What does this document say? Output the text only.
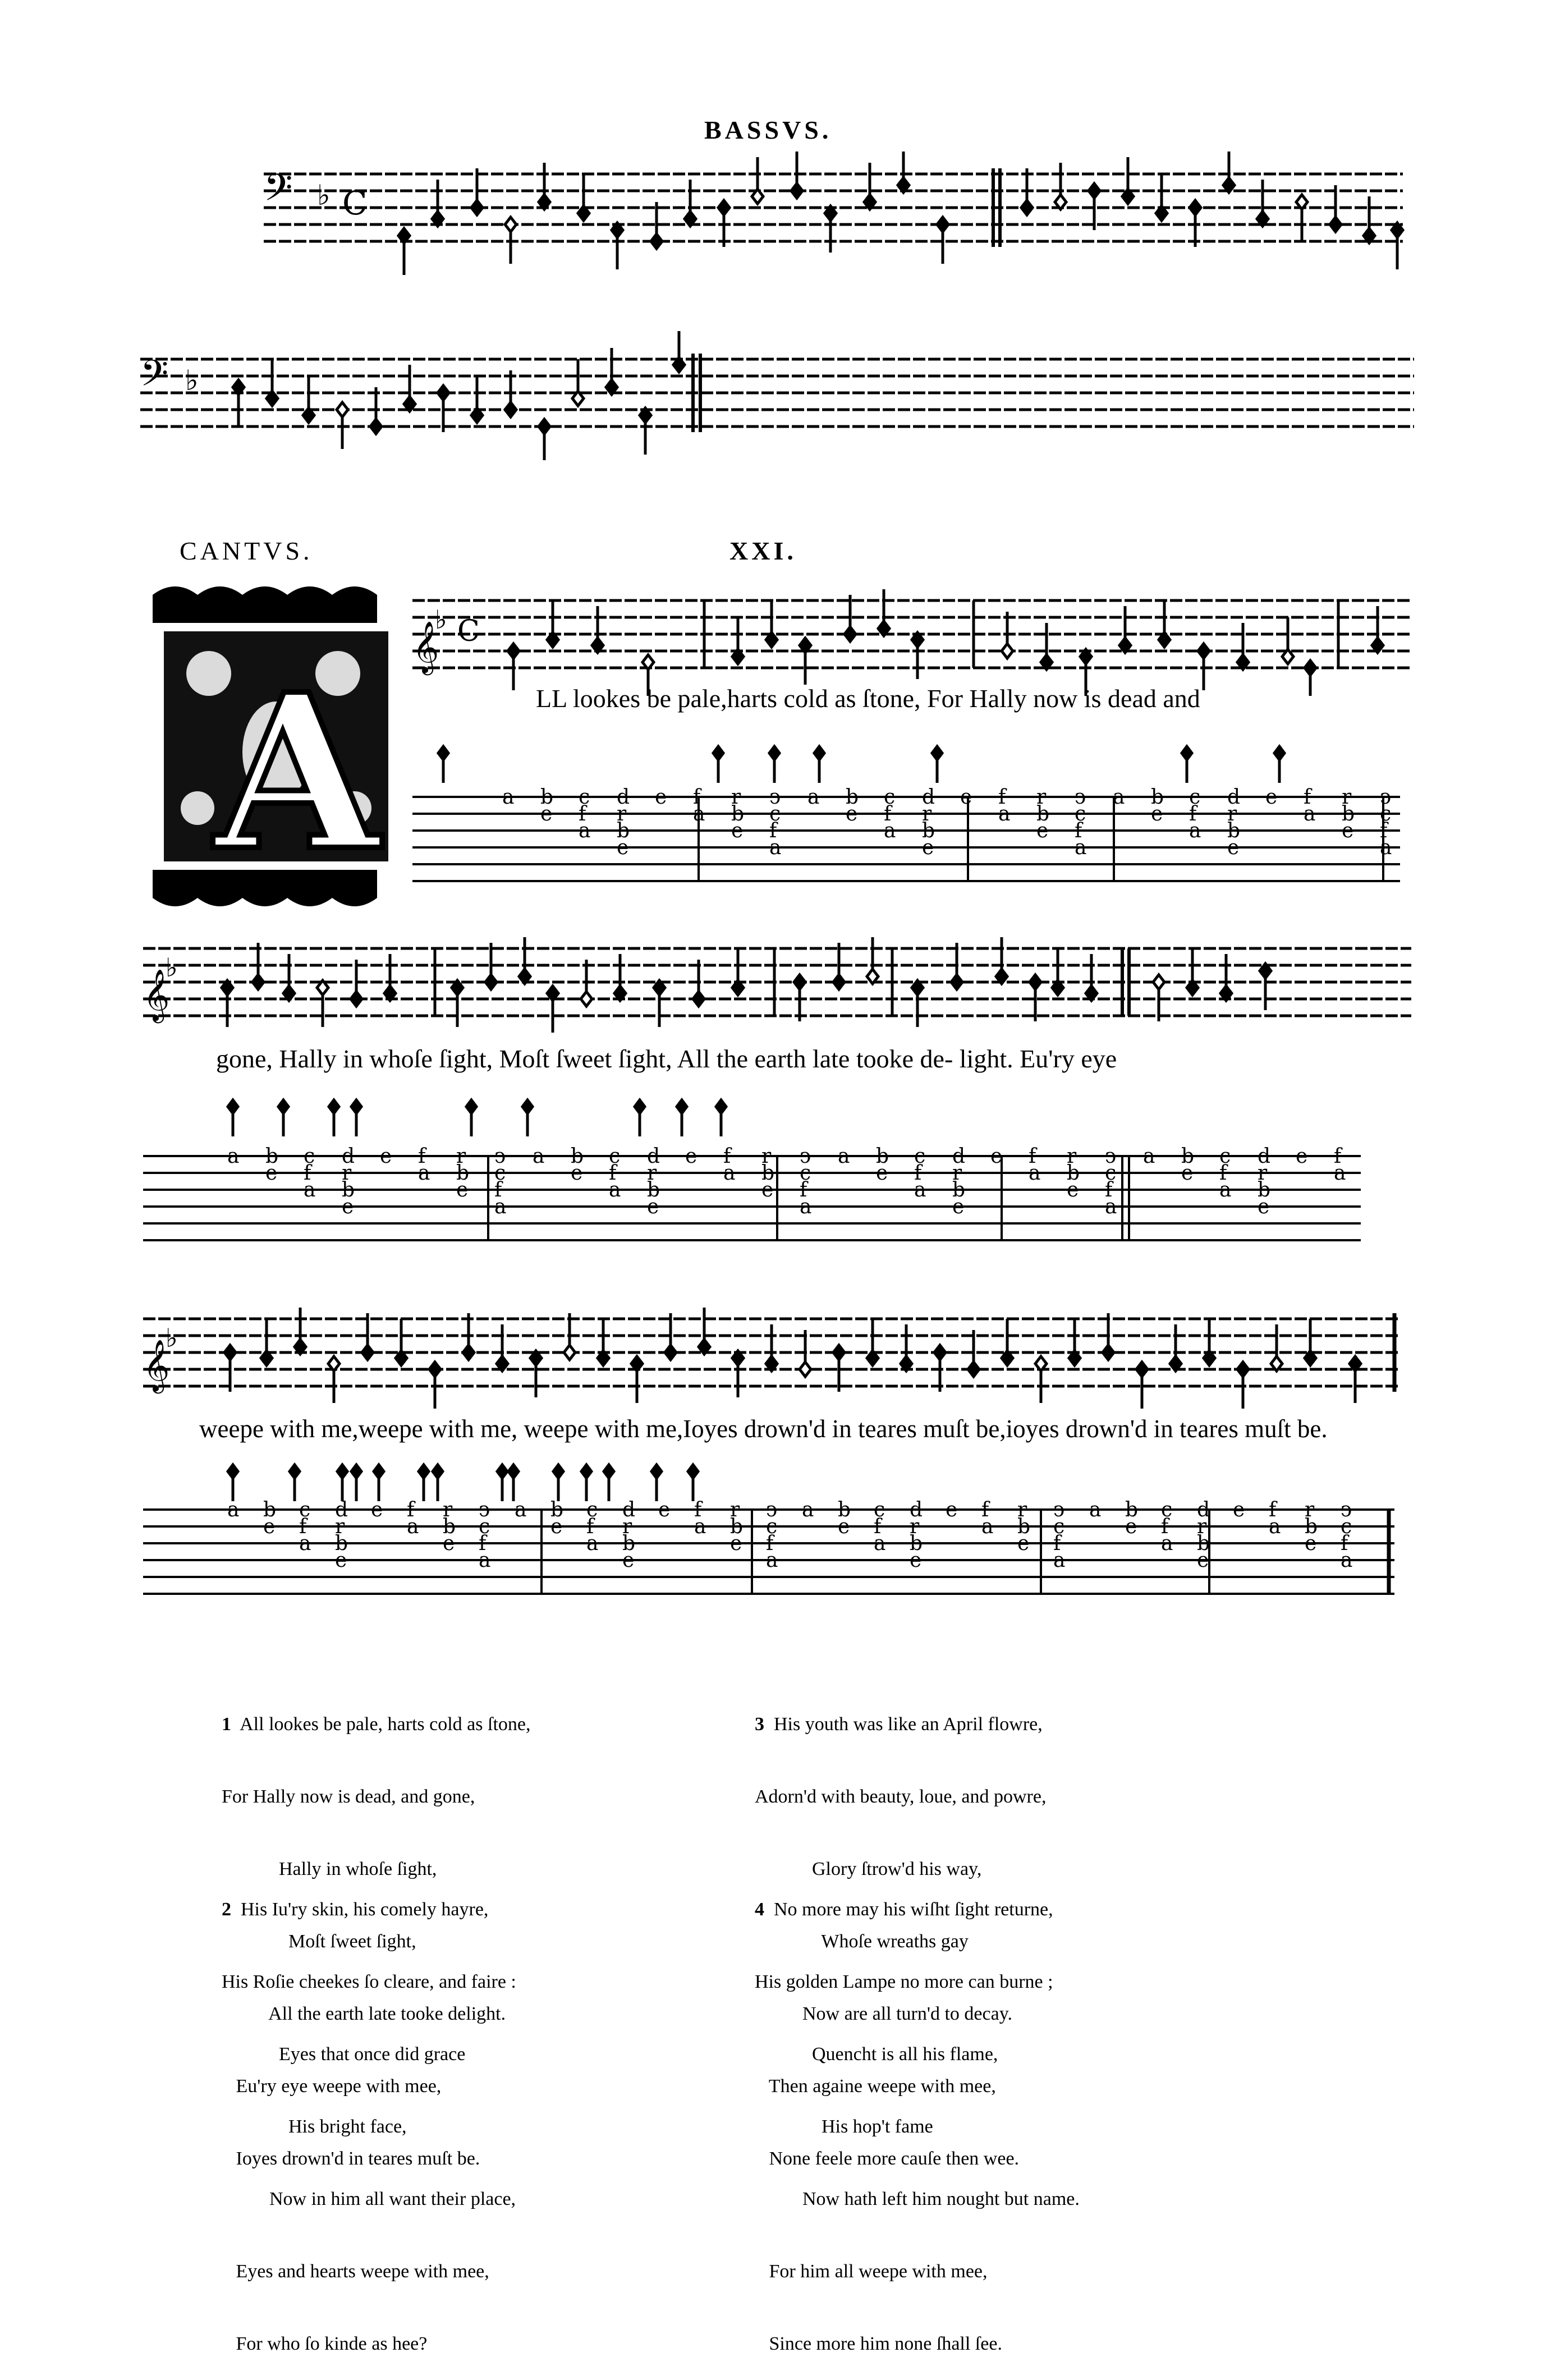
BASSVS.
𝄢 ♭ C
𝄢 ♭
CANTVS.	XXI.
A
𝄞
♭ C
LL lookes be pale,harts cold as ſtone, For Hally now is dead and
a b
e
c
f
a
d
r
b
e
e f
a
r
b
e
ↄ
c
f
a
a b
e
c
f
a
d
r
b
e
e f
a
r
b
e
ↄ
c
f
a
a b
e
c
f
a
d
r
b
e
e f
a
r
b
e
ↄ
c
f
a
𝄞
♭
gone, Hally in whoſe ſight, Moſt ſweet ſight, All the earth late tooke de- light. Eu'ry eye
a b
e
c
f
a
d
r
b
e
e f
a
r
b
e
ↄ
c
f
a
a b
e
c
f
a
d
r
b
e
e f
a
r
b
e
ↄ
c
f
a
a b
e
c
f
a
d
r
b
e
e f
a
r
b
e
ↄ
c
f
a
a b
e
c
f
a
d
r
b
e
e f
a
𝄞
♭
weepe with me,weepe with me, weepe with me,Ioyes drown'd in teares muſt be,ioyes drown'd in teares muſt be.
a b
e
c
f
a
d
r
b
e
e f
a
r
b
e
ↄ
c
f
a
a b
e
c
f
a
d
r
b
e
e f
a
r
b
e
ↄ
c
f
a
a b
e
c
f
a
d
r
b
e
e f
a
r
b
e
ↄ
c
f
a
a b
e
c
f
a
d
r
b
e
e f
a
r
b
e
ↄ
c
f
a

1 All lookes be pale, harts cold as ſtone,

For Hally now is dead, and gone,

Hally in whoſe ſight,

Moſt ſweet ſight,

All the earth late tooke delight.

Eu'ry eye weepe with mee,

Ioyes drown'd in teares muſt be.

2 His Iu'ry skin, his comely hayre,

His Roſie cheekes ſo cleare, and faire :

Eyes that once did grace

His bright face,

Now in him all want their place,

Eyes and hearts weepe with mee,

For who ſo kinde as hee?

3 His youth was like an April flowre,

Adorn'd with beauty, loue, and powre,

Glory ſtrow'd his way,

Whoſe wreaths gay

Now are all turn'd to decay.

Then againe weepe with mee,

None feele more cauſe then wee.

4 No more may his wiſht ſight returne,

His golden Lampe no more can burne ;

Quencht is all his flame,

His hop't fame

Now hath left him nought but name.

For him all weepe with mee,

Since more him none ſhall ſee.
